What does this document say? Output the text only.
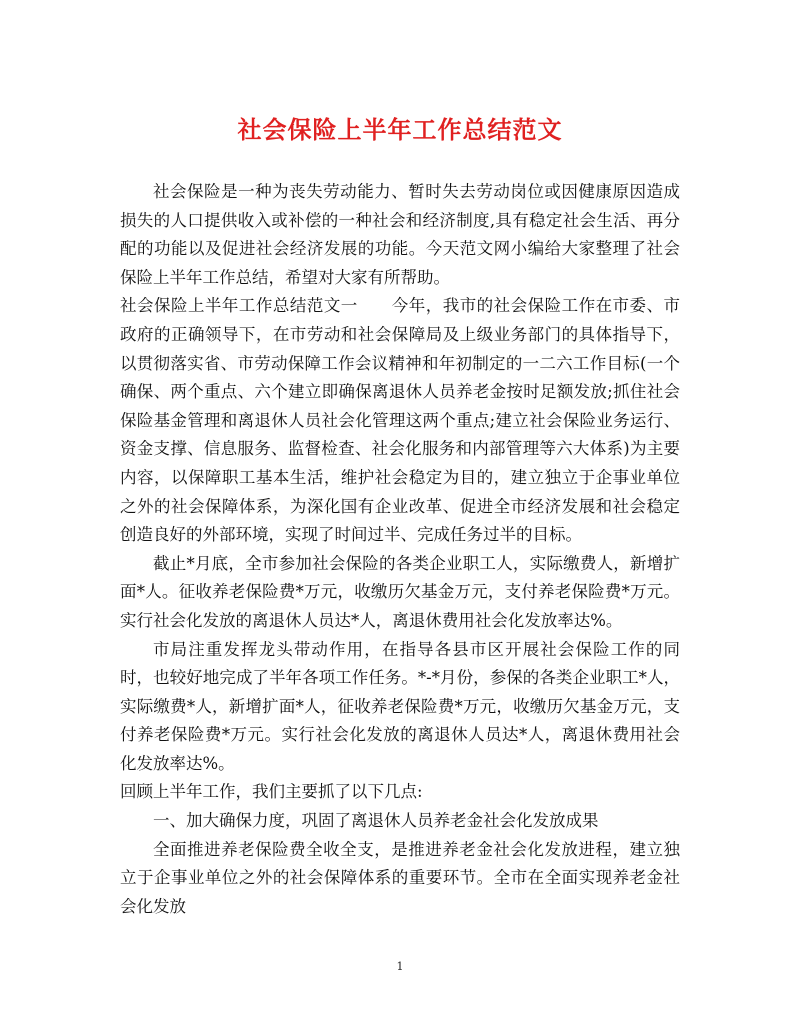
社会保险上半年工作总结范文

社会保险是一种为丧失劳动能力、暂时失去劳动岗位或因健康原因造成损失的人口提供收入或补偿的一种社会和经济制度,具有稳定社会生活、再分配的功能以及促进社会经济发展的功能。今天范文网小编给大家整理了社会保险上半年工作总结，希望对大家有所帮助。

社会保险上半年工作总结范文一　　今年，我市的社会保险工作在市委、市政府的正确领导下，在市劳动和社会保障局及上级业务部门的具体指导下，以贯彻落实省、市劳动保障工作会议精神和年初制定的一二六工作目标(一个确保、两个重点、六个建立即确保离退休人员养老金按时足额发放;抓住社会保险基金管理和离退休人员社会化管理这两个重点;建立社会保险业务运行、资金支撑、信息服务、监督检查、社会化服务和内部管理等六大体系)为主要内容，以保障职工基本生活，维护社会稳定为目的，建立独立于企事业单位之外的社会保障体系，为深化国有企业改革、促进全市经济发展和社会稳定创造良好的外部环境，实现了时间过半、完成任务过半的目标。

截止*月底，全市参加社会保险的各类企业职工人，实际缴费人，新增扩面*人。征收养老保险费*万元，收缴历欠基金万元，支付养老保险费*万元。实行社会化发放的离退休人员达*人，离退休费用社会化发放率达%。

市局注重发挥龙头带动作用，在指导各县市区开展社会保险工作的同时，也较好地完成了半年各项工作任务。*-*月份，参保的各类企业职工*人，实际缴费*人，新增扩面*人，征收养老保险费*万元，收缴历欠基金万元，支付养老保险费*万元。实行社会化发放的离退休人员达*人，离退休费用社会化发放率达%。

回顾上半年工作，我们主要抓了以下几点:

一、加大确保力度，巩固了离退休人员养老金社会化发放成果

全面推进养老保险费全收全支，是推进养老金社会化发放进程，建立独立于企事业单位之外的社会保障体系的重要环节。全市在全面实现养老金社会化发放

1
